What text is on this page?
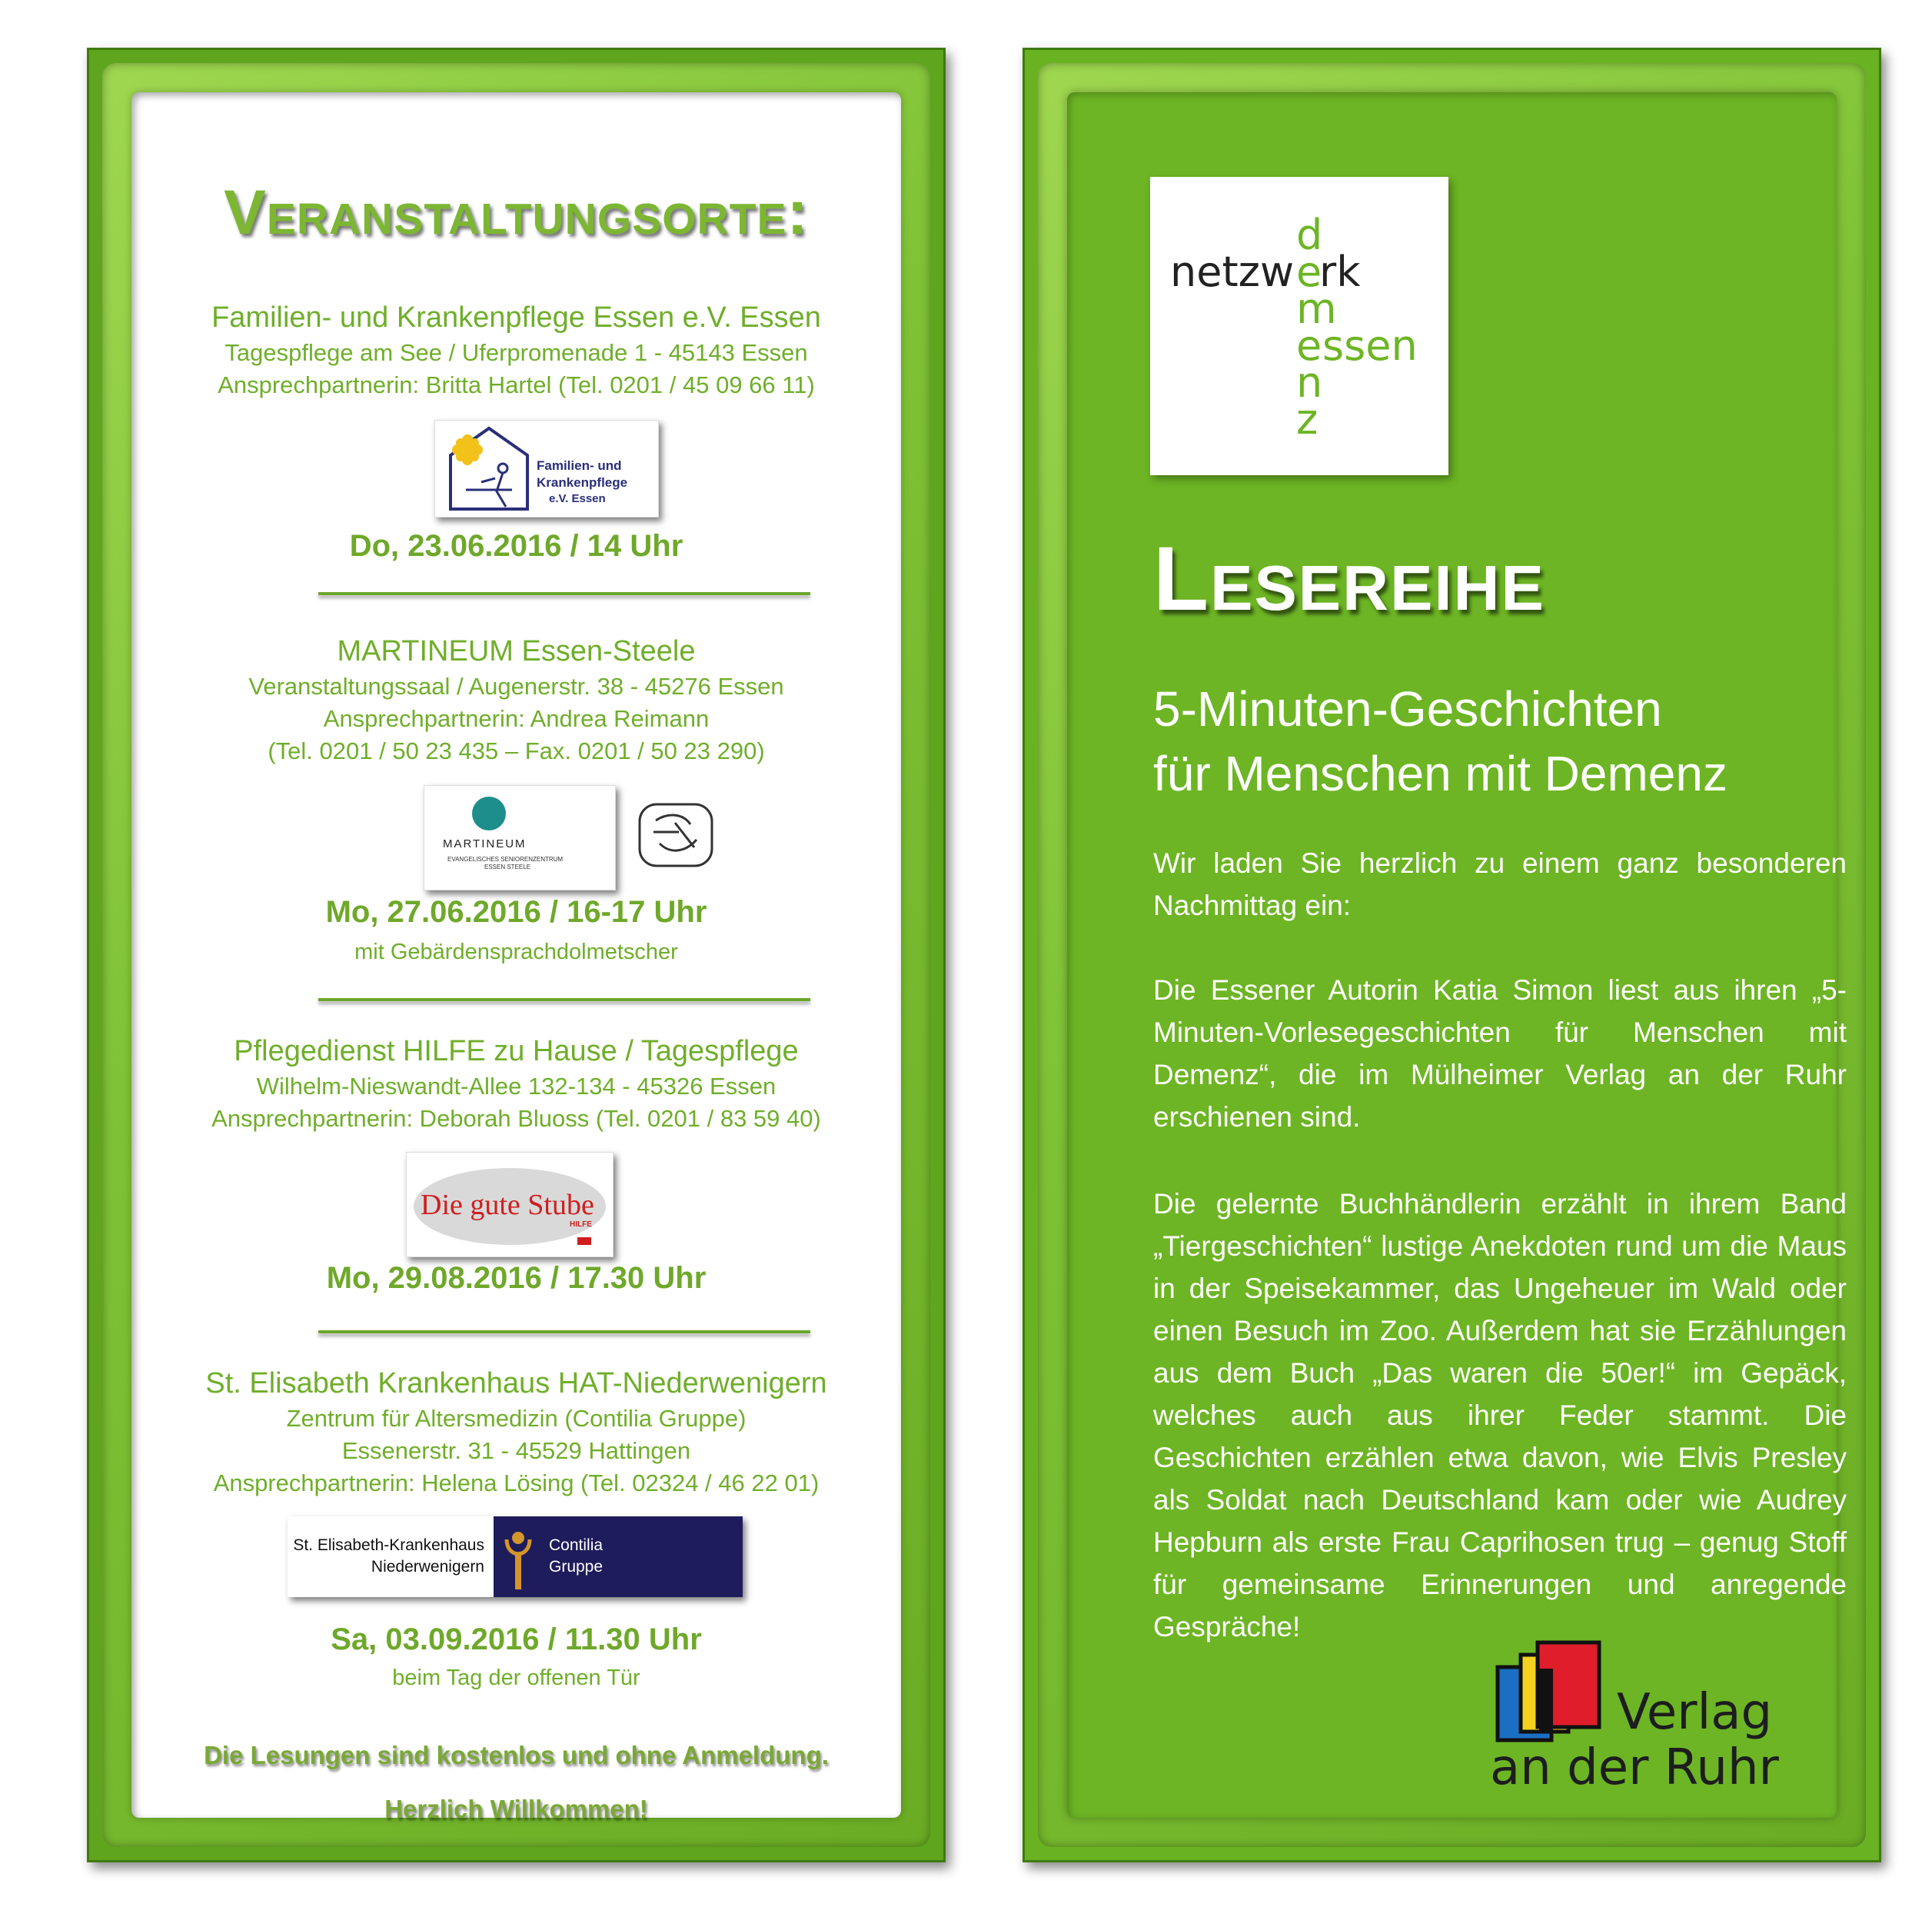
Veranstaltungsorte:
Familien- und Krankenpflege Essen e.V. Essen
Tagespflege am See / Uferpromenade 1 - 45143 Essen
Ansprechpartnerin: Britta Hartel (Tel. 0201 / 45 09 66 11)
Familien- und
Krankenpflege
e.V. Essen
Do, 23.06.2016 / 14 Uhr
MARTINEUM Essen-Steele
Veranstaltungssaal / Augenerstr. 38 - 45276 Essen
Ansprechpartnerin: Andrea Reimann
(Tel. 0201 / 50 23 435 – Fax. 0201 / 50 23 290)
MARTINEUM
EVANGELISCHES SENIORENZENTRUM
ESSEN STEELE
Mo, 27.06.2016 / 16-17 Uhr
mit Gebärdensprachdolmetscher
Pflegedienst HILFE zu Hause / Tagespflege
Wilhelm-Nieswandt-Allee 132-134 - 45326 Essen
Ansprechpartnerin: Deborah Bluoss (Tel. 0201 / 83 59 40)
Die gute Stube
HILFE
Mo, 29.08.2016 / 17.30 Uhr
St. Elisabeth Krankenhaus HAT-Niederwenigern
Zentrum für Altersmedizin (Contilia Gruppe)
Essenerstr. 31 - 45529 Hattingen
Ansprechpartnerin: Helena Lösing (Tel. 02324 / 46 22 01)
St. Elisabeth-Krankenhaus
Niederwenigern
Contilia
Gruppe
Sa, 03.09.2016 / 11.30 Uhr
beim Tag der offenen Tür
Die Lesungen sind kostenlos und ohne Anmeldung.
Herzlich Willkommen!
netzw rk
d
e
m
e ssen
n
z
Lesereihe
5-Minuten-Geschichten
für Menschen mit Demenz
Wir laden Sie herzlich zu einem ganz besonderen Nachmittag ein:
Die Essener Autorin Katia Simon liest aus ihren „5-Minuten-Vorlesegeschichten für Menschen mit Demenz“, die im Mülheimer Verlag an der Ruhr erschienen sind.
Die gelernte Buchhändlerin erzählt in ihrem Band „Tiergeschichten“ lustige Anekdoten rund um die Maus in der Speisekammer, das Ungeheuer im Wald oder einen Besuch im Zoo. Außerdem hat sie Erzählungen aus dem Buch „Das waren die 50er!“ im Gepäck, welches auch aus ihrer Feder stammt. Die Geschichten erzählen etwa davon, wie Elvis Presley als Soldat nach Deutschland kam oder wie Audrey Hepburn als erste Frau Caprihosen trug – genug Stoff für gemeinsame Erinnerungen und anregende Gespräche!
Verlag
an der Ruhr
